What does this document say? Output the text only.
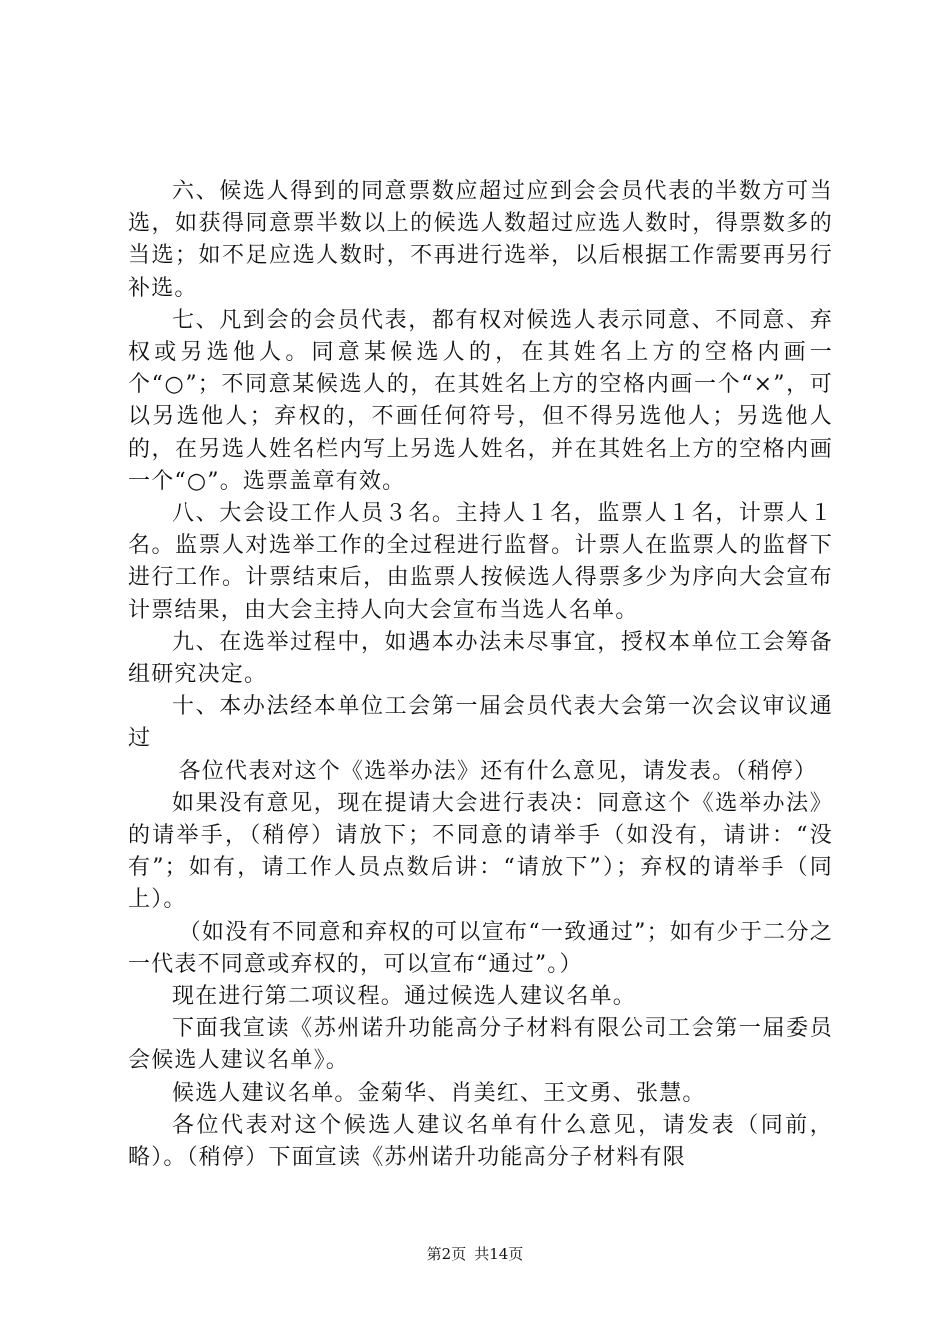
六、候选人得到的同意票数应超过应到会会员代表的半数方可当选，如获得同意票半数以上的候选人数超过应选人数时，得票数多的当选；如不足应选人数时，不再进行选举，以后根据工作需要再另行补选。

七、凡到会的会员代表，都有权对候选人表示同意、不同意、弃权或另选他人。同意某候选人的，在其姓名上方的空格内画一个“○”；不同意某候选人的，在其姓名上方的空格内画一个“×”，可以另选他人；弃权的，不画任何符号，但不得另选他人；另选他人的，在另选人姓名栏内写上另选人姓名，并在其姓名上方的空格内画一个“○”。选票盖章有效。

八、大会设工作人员３名。主持人１名，监票人１名，计票人１名。监票人对选举工作的全过程进行监督。计票人在监票人的监督下进行工作。计票结束后，由监票人按候选人得票多少为序向大会宣布计票结果，由大会主持人向大会宣布当选人名单。

九、在选举过程中，如遇本办法未尽事宜，授权本单位工会筹备组研究决定。

十、本办法经本单位工会第一届会员代表大会第一次会议审议通过

各位代表对这个《选举办法》还有什么意见，请发表。（稍停）

如果没有意见，现在提请大会进行表决：同意这个《选举办法》的请举手，（稍停）请放下；不同意的请举手（如没有，请讲：“没有”；如有，请工作人员点数后讲：“请放下”）；弃权的请举手（同上）。

（如没有不同意和弃权的可以宣布“一致通过”；如有少于二分之一代表不同意或弃权的，可以宣布“通过”。）

现在进行第二项议程。通过候选人建议名单。

下面我宣读《苏州诺升功能高分子材料有限公司工会第一届委员会候选人建议名单》。

候选人建议名单。金菊华、肖美红、王文勇、张慧。

各位代表对这个候选人建议名单有什么意见，请发表（同前，略）。（稍停）下面宣读《苏州诺升功能高分子材料有限

第2页 共14页
